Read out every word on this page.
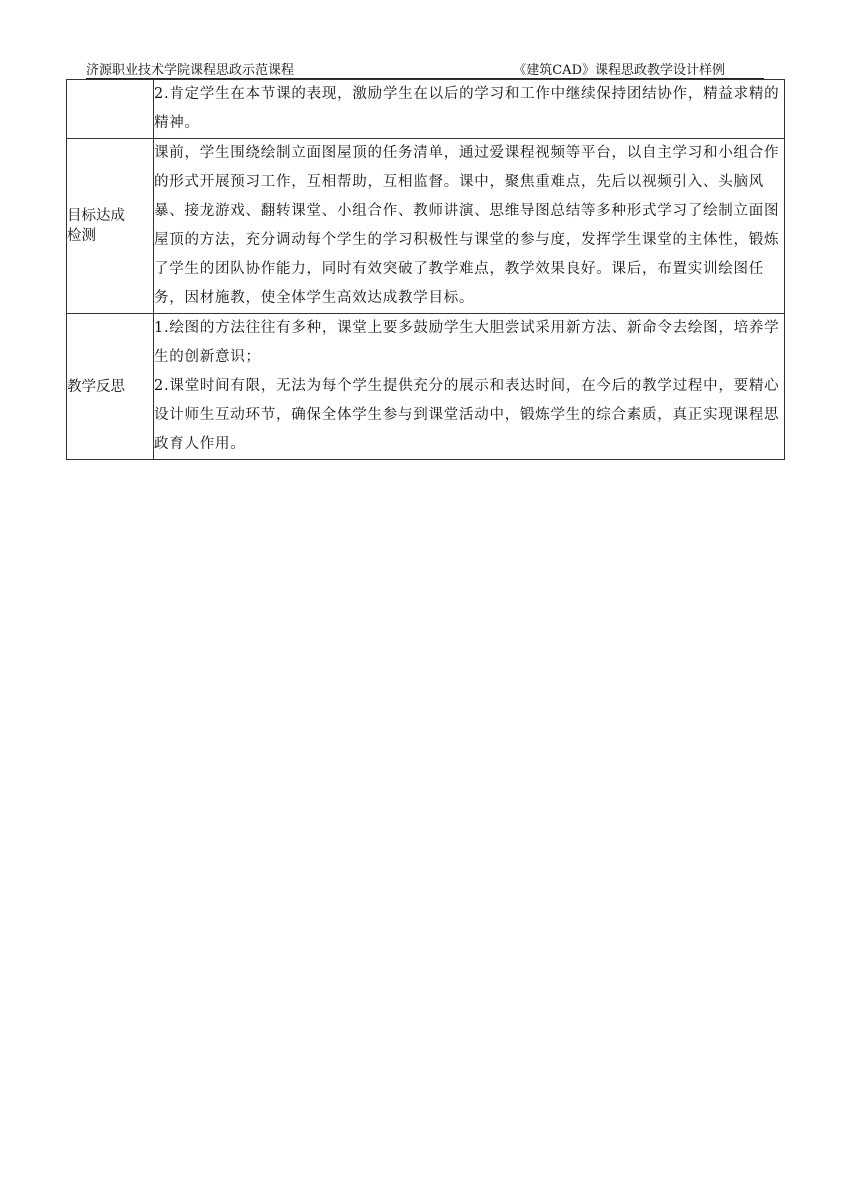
济源职业技术学院课程思政示范课程	《建筑CAD》课程思政教学设计样例

	2.肯定学生在本节课的表现，激励学生在以后的学习和工作中继续保持团结协作，精益求精的精神。

目标达成
检测	课前，学生围绕绘制立面图屋顶的任务清单，通过爱课程视频等平台，以自主学习和小组合作的形式开展预习工作，互相帮助，互相监督。课中，聚焦重难点，先后以视频引入、头脑风暴、接龙游戏、翻转课堂、小组合作、教师讲演、思维导图总结等多种形式学习了绘制立面图屋顶的方法，充分调动每个学生的学习积极性与课堂的参与度，发挥学生课堂的主体性，锻炼了学生的团队协作能力，同时有效突破了教学难点，教学效果良好。课后，布置实训绘图任务，因材施教，使全体学生高效达成教学目标。

教学反思	1.绘图的方法往往有多种，课堂上要多鼓励学生大胆尝试采用新方法、新命令去绘图，培养学生的创新意识；
2.课堂时间有限，无法为每个学生提供充分的展示和表达时间，在今后的教学过程中，要精心设计师生互动环节，确保全体学生参与到课堂活动中，锻炼学生的综合素质，真正实现课程思政育人作用。
